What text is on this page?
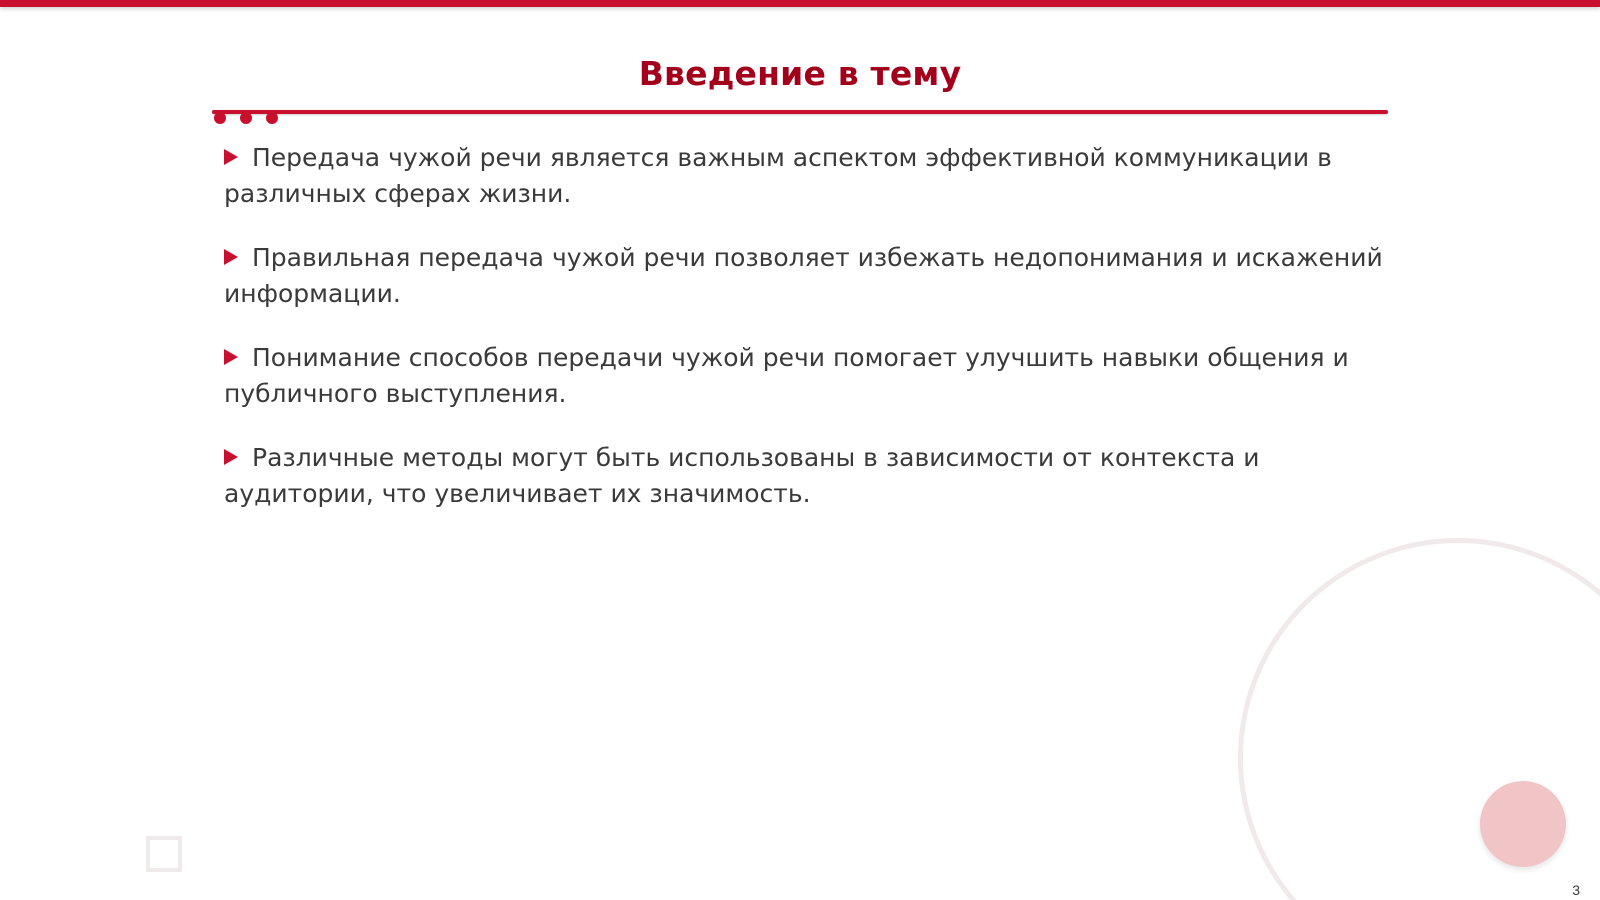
Введение в тему
Передача чужой речи является важным аспектом эффективной коммуникации в различных сферах жизни.
Правильная передача чужой речи позволяет избежать недопонимания и искажений информации.
Понимание способов передачи чужой речи помогает улучшить навыки общения и публичного выступления.
Различные методы могут быть использованы в зависимости от контекста и аудитории, что увеличивает их значимость.
3
